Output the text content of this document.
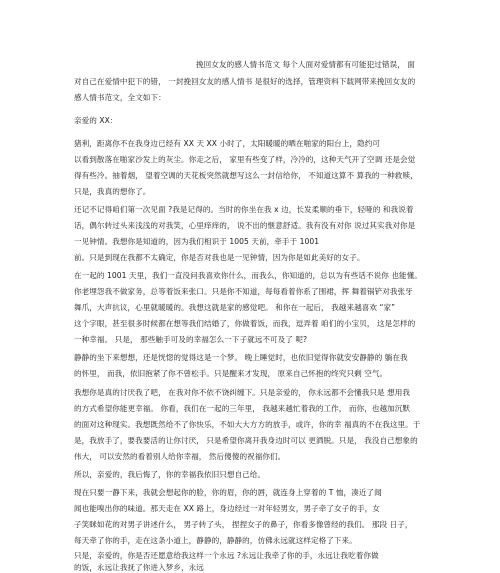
挽回女友的感人情书范文 每个人面对爱情都有可能犯过错误， 面
对自己在爱情中犯下的错， 一封挽回女友的感人情书 是很好的选择，管理资料下载网带来挽回女友的
感人情书范文，全文如下：
亲爱的 XX：
猪利，距离你不在我身边已经有 XX 天 XX 小时了，太阳暖暖的晒在啪家的阳台上，隐约可
以看到散落在啪家沙发上的灰尘。你走之后， 家里有些变了样，冷冷的，这种天气开了空调 还是会觉
得有些冷。抽着烟， 望着空调的天花板突然就想写这么一封信给你， 不知道这算不 算我的一种救赎，
只是，我真的想你了。
还记不记得咱们第一次见面 ?我是记得的。当时的你坐在我 x 边，长发柔顺的垂下，轻哑的 和我说着
话，偶尔转过头来浅浅的对我笑，心里痒痒的， 说不出的惬意舒适。我有没有对你 说过其实我对你是
一见钟情。我想你是知道的，因为我们相识于 1005 天前，牵手于 1001
前。只是到现在我都不太确定，你是否对我也是一见钟情，因为你是如此美好的女子。
在一起的 1001 天里，我们一直没问我喜欢你什么，而我么，你知道的，总以为有些话不说你 也能懂。
你老埋怨我不做家务，总等着饭来张口。只是你不知道，每每看着你系了围裙，挥 舞着锅铲对我张牙
舞爪，大声抗议，心里就暖暖的。我想这就是家的感觉吧。 和你在一起后， 我越来越喜欢 “家”
这个字眼，甚至很多时候都在想等我们结婚了，你做着饭，而我，逗弄着 咱们的小宝贝， 这是怎样的
一种幸福。 只是， 那些触手可及的幸福怎么一下子就远不可及了 呢?
静静的坐下来想想，还是恍惚的觉得这是一个梦。 晚上睡觉时，也依旧觉得你就安安静静的 躺在我
的怀里， 而我，依旧抱紧了你不曾松手。只是醒来才发现， 原来自己怀抱的终究只剩 空气。
我想你是真的讨厌我了吧， 在我对你不依不饶纠缠下。只是亲爱的， 你永远都不会懂我只是 想用我
的方式希望你能更幸福。 你看，我们在一起的三年里， 我越来越忙着我的工作， 而你，也越加沉默
的面对这种现实。我想既然给不了你快乐，不如大大方方的放手，或许，你的幸 福真的不在我这里。于
是，我放手了，要我要活的让你讨厌， 只是希望你离开我身边时可以 更洒脱。只是， 我没自己想象的
伟大， 可以安然的看着别人给你幸福， 然后傻傻的祝福你们。
所以，亲爱的，我后悔了，你的幸福我依旧只想自己给。
现在只要一静下来，我就会想起你的脸，你的眉，你的唇，就连身上穿着的 T 恤，凑近了闻
闻也能嗅出你的味道。那天走在 XX 路上，身边经过一对年轻男女，男子牵了女子的手，女
子笑眯如花的对男子讲述什么， 男子转了头， 捏捏女子的鼻子，你看多像曾经的我们。 那段 日子，
每天牵了你的手，走在这条小道上，静静的，静静的，仿佛永远就这样定格了下来。
只是，亲爱的，你是否还愿意给我这样一个永远 ?永远让我牵了你的手，永远让我吃着你做
的饭，永远让我抚了你进入梦乡，永远
